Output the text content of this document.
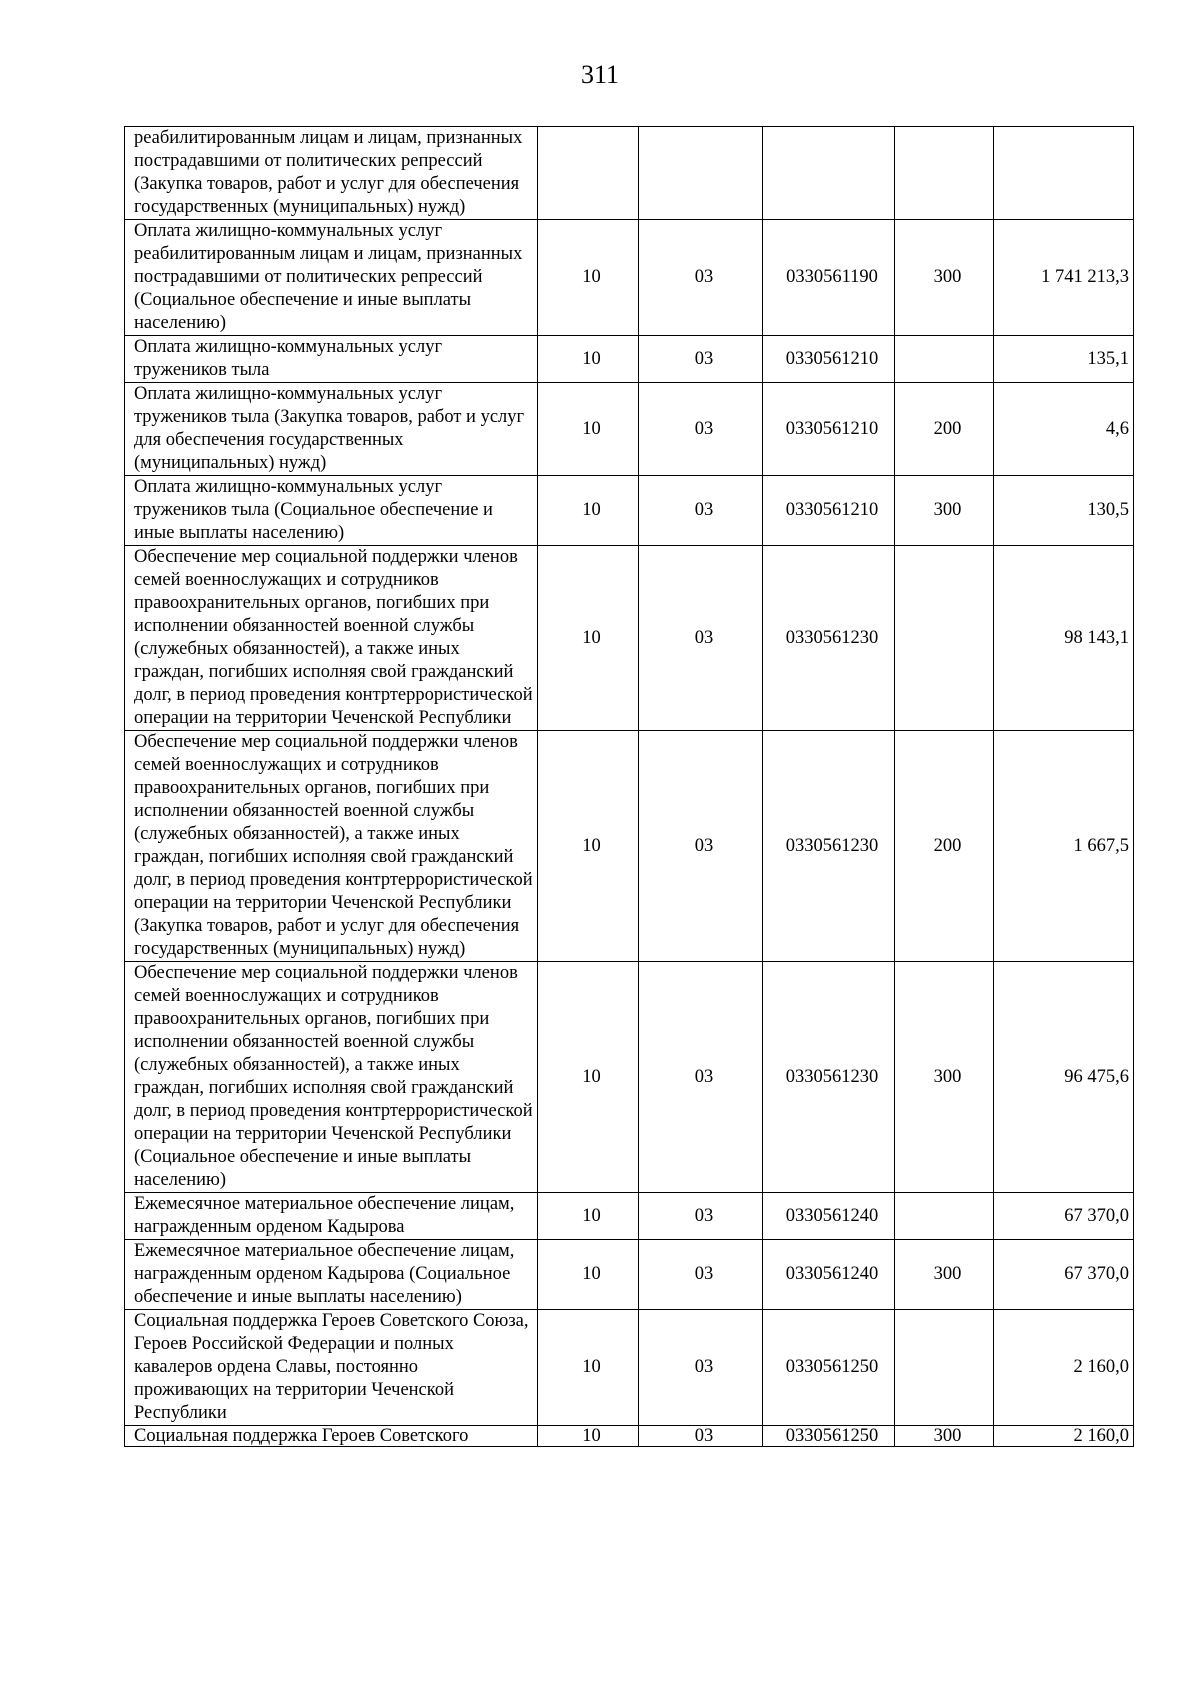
311
реабилитированным лицам и лицам, признанных пострадавшими от политических репрессий (Закупка товаров, работ и услуг для обеспечения государственных (муниципальных) нужд)					
Оплата жилищно-коммунальных услуг реабилитированным лицам и лицам, признанных пострадавшими от политических репрессий (Социальное обеспечение и иные выплаты населению)	10	03	0330561190	300	1 741 213,3
Оплата жилищно-коммунальных услуг тружеников тыла	10	03	0330561210		135,1
Оплата жилищно-коммунальных услуг тружеников тыла (Закупка товаров, работ и услуг для обеспечения государственных (муниципальных) нужд)	10	03	0330561210	200	4,6
Оплата жилищно-коммунальных услуг тружеников тыла (Социальное обеспечение и иные выплаты населению)	10	03	0330561210	300	130,5
Обеспечение мер социальной поддержки членов семей военнослужащих и сотрудников правоохранительных органов, погибших при исполнении обязанностей военной службы (служебных обязанностей), а также иных граждан, погибших исполняя свой гражданский долг, в период проведения контртеррористической операции на территории Чеченской Республики	10	03	0330561230		98 143,1
Обеспечение мер социальной поддержки членов семей военнослужащих и сотрудников правоохранительных органов, погибших при исполнении обязанностей военной службы (служебных обязанностей), а также иных граждан, погибших исполняя свой гражданский долг, в период проведения контртеррористической операции на территории Чеченской Республики (Закупка товаров, работ и услуг для обеспечения государственных (муниципальных) нужд)	10	03	0330561230	200	1 667,5
Обеспечение мер социальной поддержки членов семей военнослужащих и сотрудников правоохранительных органов, погибших при исполнении обязанностей военной службы (служебных обязанностей), а также иных граждан, погибших исполняя свой гражданский долг, в период проведения контртеррористической операции на территории Чеченской Республики (Социальное обеспечение и иные выплаты населению)	10	03	0330561230	300	96 475,6
Ежемесячное материальное обеспечение лицам, награжденным орденом Кадырова	10	03	0330561240		67 370,0
Ежемесячное материальное обеспечение лицам, награжденным орденом Кадырова (Социальное обеспечение и иные выплаты населению)	10	03	0330561240	300	67 370,0
Социальная поддержка Героев Советского Союза, Героев Российской Федерации и полных кавалеров ордена Славы, постоянно проживающих на территории Чеченской Республики	10	03	0330561250		2 160,0
Социальная поддержка Героев Советского	10	03	0330561250	300	2 160,0
